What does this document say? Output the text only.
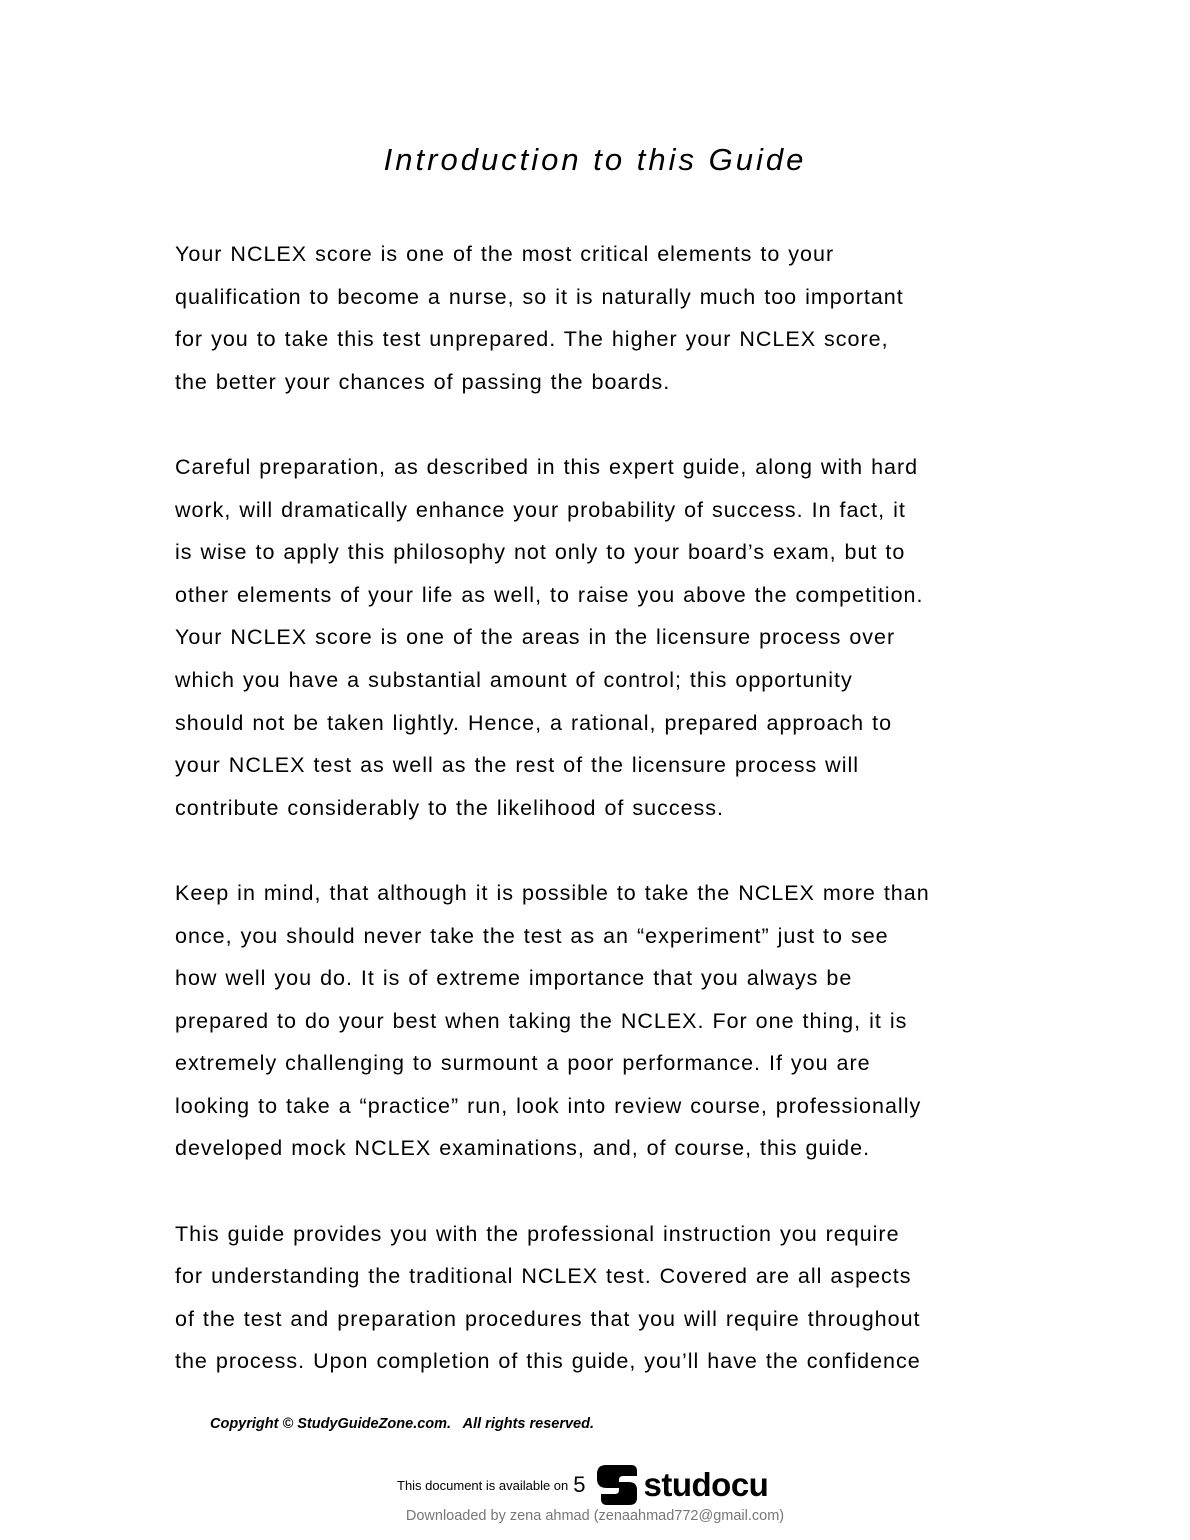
Introduction to this Guide
Your NCLEX score is one of the most critical elements to your
qualification to become a nurse, so it is naturally much too important
for you to take this test unprepared. The higher your NCLEX score,
the better your chances of passing the boards.
Careful preparation, as described in this expert guide, along with hard
work, will dramatically enhance your probability of success. In fact, it
is wise to apply this philosophy not only to your board’s exam, but to
other elements of your life as well, to raise you above the competition.
Your NCLEX score is one of the areas in the licensure process over
which you have a substantial amount of control; this opportunity
should not be taken lightly. Hence, a rational, prepared approach to
your NCLEX test as well as the rest of the licensure process will
contribute considerably to the likelihood of success.
Keep in mind, that although it is possible to take the NCLEX more than
once, you should never take the test as an “experiment” just to see
how well you do. It is of extreme importance that you always be
prepared to do your best when taking the NCLEX. For one thing, it is
extremely challenging to surmount a poor performance. If you are
looking to take a “practice” run, look into review course, professionally
developed mock NCLEX examinations, and, of course, this guide.
This guide provides you with the professional instruction you require
for understanding the traditional NCLEX test. Covered are all aspects
of the test and preparation procedures that you will require throughout
the process. Upon completion of this guide, you’ll have the confidence
Copyright © StudyGuideZone.com.   All rights reserved.
This document is available on 5 studocu
Downloaded by zena ahmad (zenaahmad772@gmail.com)
